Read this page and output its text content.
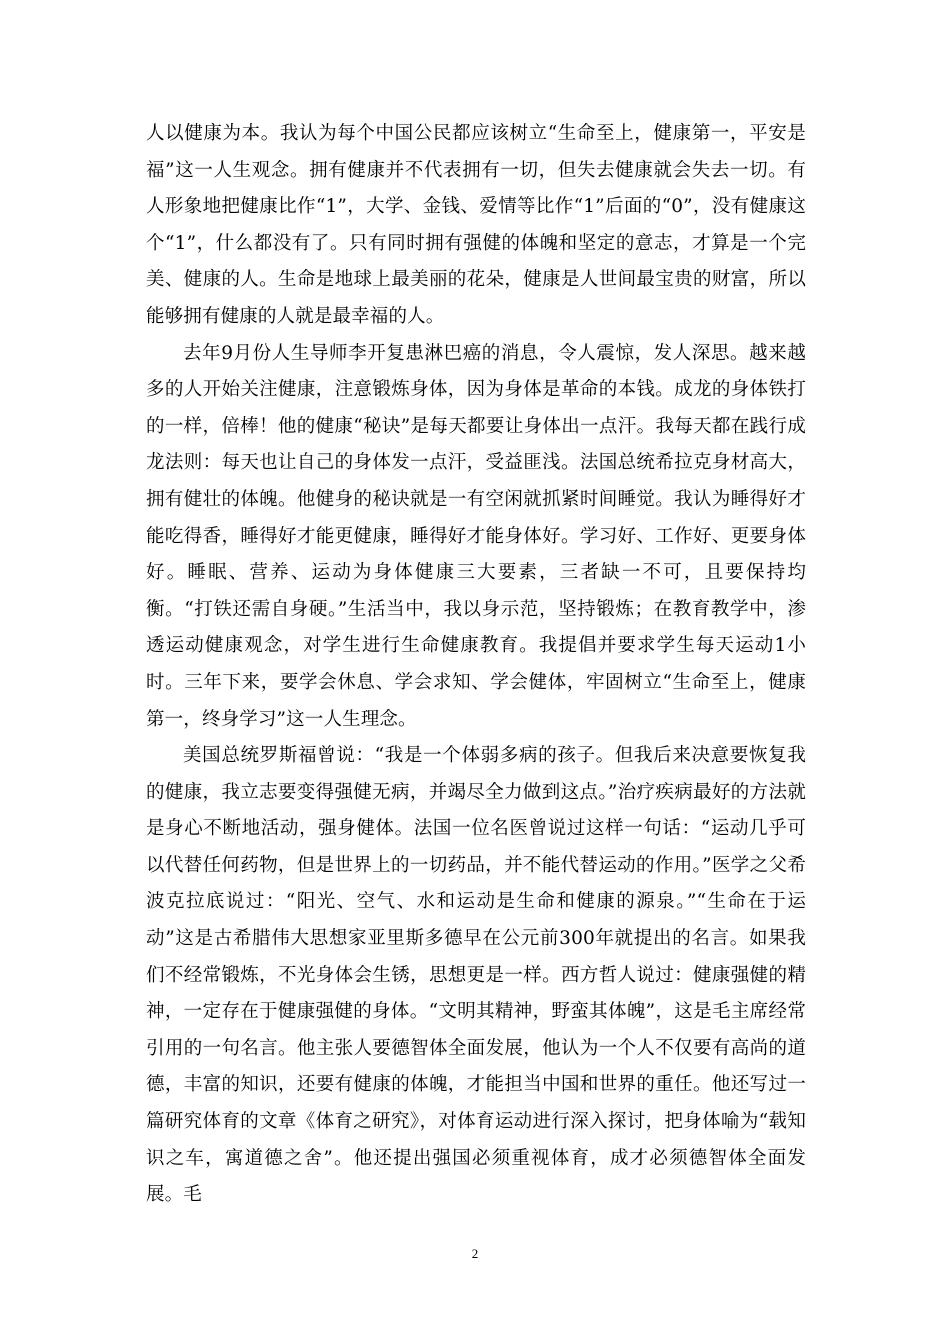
人以健康为本。我认为每个中国公民都应该树立“生命至上，健康第一，平安是福”这一人生观念。拥有健康并不代表拥有一切，但失去健康就会失去一切。有人形象地把健康比作“1”，大学、金钱、爱情等比作“1”后面的“0”，没有健康这个“1”，什么都没有了。只有同时拥有强健的体魄和坚定的意志，才算是一个完美、健康的人。生命是地球上最美丽的花朵，健康是人世间最宝贵的财富，所以能够拥有健康的人就是最幸福的人。

去年9月份人生导师李开复患淋巴癌的消息，令人震惊，发人深思。越来越多的人开始关注健康，注意锻炼身体，因为身体是革命的本钱。成龙的身体铁打的一样，倍棒！他的健康“秘诀”是每天都要让身体出一点汗。我每天都在践行成龙法则：每天也让自己的身体发一点汗，受益匪浅。法国总统希拉克身材高大，拥有健壮的体魄。他健身的秘诀就是一有空闲就抓紧时间睡觉。我认为睡得好才能吃得香，睡得好才能更健康，睡得好才能身体好。学习好、工作好、更要身体好。睡眠、营养、运动为身体健康三大要素，三者缺一不可，且要保持均衡。“打铁还需自身硬。”生活当中，我以身示范，坚持锻炼；在教育教学中，渗透运动健康观念，对学生进行生命健康教育。我提倡并要求学生每天运动1小时。三年下来，要学会休息、学会求知、学会健体，牢固树立“生命至上，健康第一，终身学习”这一人生理念。

美国总统罗斯福曾说：“我是一个体弱多病的孩子。但我后来决意要恢复我的健康，我立志要变得强健无病，并竭尽全力做到这点。”治疗疾病最好的方法就是身心不断地活动，强身健体。法国一位名医曾说过这样一句话：“运动几乎可以代替任何药物，但是世界上的一切药品，并不能代替运动的作用。”医学之父希波克拉底说过：“阳光、空气、水和运动是生命和健康的源泉。”“生命在于运动”这是古希腊伟大思想家亚里斯多德早在公元前300年就提出的名言。如果我们不经常锻炼，不光身体会生锈，思想更是一样。西方哲人说过：健康强健的精神，一定存在于健康强健的身体。“文明其精神，野蛮其体魄”，这是毛主席经常引用的一句名言。他主张人要德智体全面发展，他认为一个人不仅要有高尚的道德，丰富的知识，还要有健康的体魄，才能担当中国和世界的重任。他还写过一篇研究体育的文章《体育之研究》，对体育运动进行深入探讨，把身体喻为“载知识之车，寓道德之舍”。他还提出强国必须重视体育，成才必须德智体全面发展。毛

2
